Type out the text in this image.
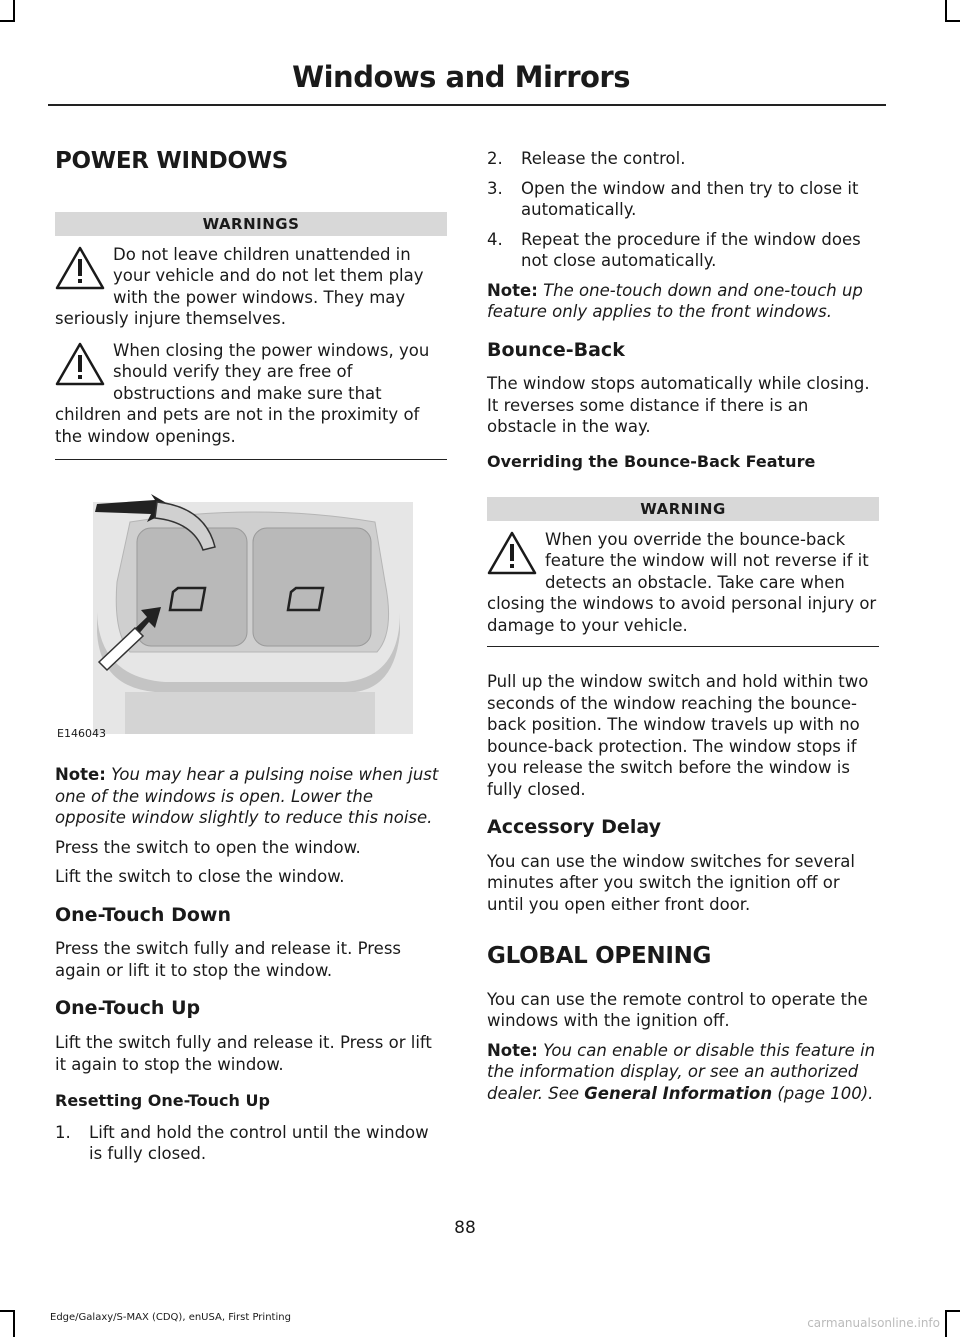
Windows and Mirrors
POWER WINDOWS
WARNINGS

Do not leave children unattended in your vehicle and do not let them play with the power windows. They may seriously injure themselves.

When closing the power windows, you should verify they are free of obstructions and make sure that children and pets are not in the proximity of the window openings.

E146043

Note: You may hear a pulsing noise when just one of the windows is open. Lower the opposite window slightly to reduce this noise.

Press the switch to open the window.

Lift the switch to close the window.

One-Touch Down

Press the switch fully and release it. Press again or lift it to stop the window.

One-Touch Up

Lift the switch fully and release it. Press or lift it again to stop the window.

Resetting One-Touch Up
1. Lift and hold the control until the window is fully closed.
2. Release the control.
3. Open the window and then try to close it automatically.
4. Repeat the procedure if the window does not close automatically.

Note: The one-touch down and one-touch up feature only applies to the front windows.

Bounce-Back

The window stops automatically while closing. It reverses some distance if there is an obstacle in the way.

Overriding the Bounce-Back Feature
WARNING

When you override the bounce-back feature the window will not reverse if it detects an obstacle. Take care when closing the windows to avoid personal injury or damage to your vehicle.

Pull up the window switch and hold within two seconds of the window reaching the bounce-back position. The window travels up with no bounce-back protection. The window stops if you release the switch before the window is fully closed.

Accessory Delay

You can use the window switches for several minutes after you switch the ignition off or until you open either front door.

GLOBAL OPENING

You can use the remote control to operate the windows with the ignition off.

Note: You can enable or disable this feature in the information display, or see an authorized dealer. See General Information (page 100).

88
Edge/Galaxy/S-MAX (CDQ), enUSA, First Printing	carmanualsonline.info
